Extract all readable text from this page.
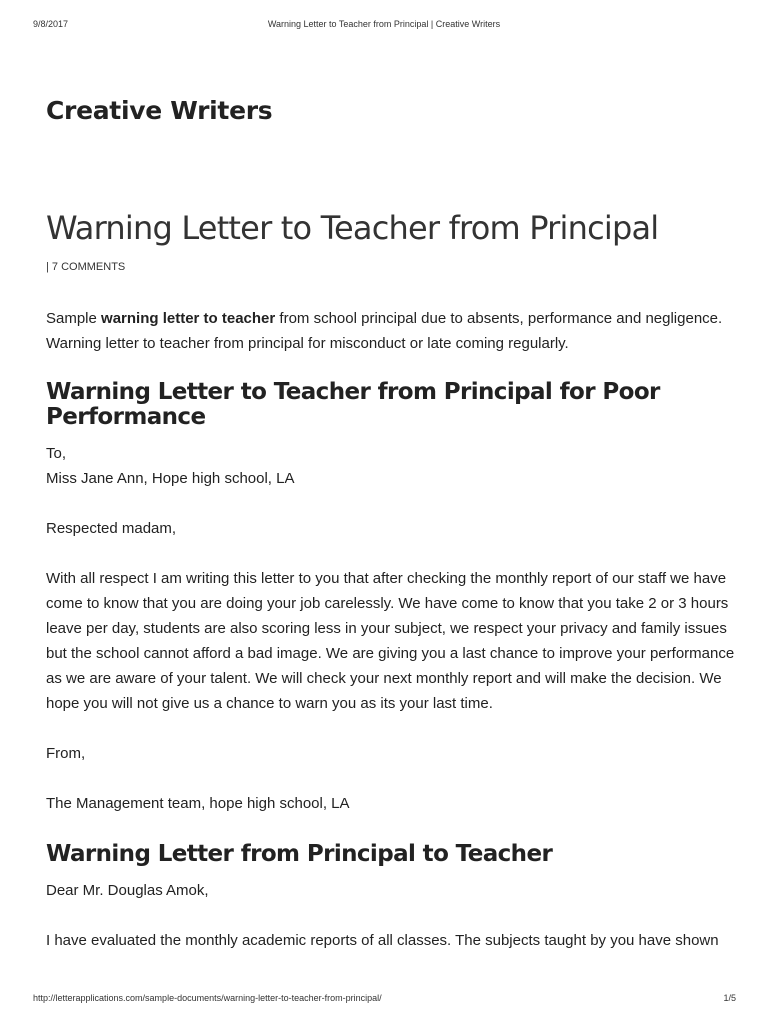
9/8/2017	Warning Letter to Teacher from Principal | Creative Writers
Creative Writers
Warning Letter to Teacher from Principal

| 7 COMMENTS

Sample warning letter to teacher from school principal due to absents, performance and negligence. Warning letter to teacher from principal for misconduct or late coming regularly.

Warning Letter to Teacher from Principal for Poor Performance

To,
Miss Jane Ann, Hope high school, LA

Respected madam,

With all respect I am writing this letter to you that after checking the monthly report of our staff we have come to know that you are doing your job carelessly. We have come to know that you take 2 or 3 hours leave per day, students are also scoring less in your subject, we respect your privacy and family issues but the school cannot afford a bad image. We are giving you a last chance to improve your performance as we are aware of your talent. We will check your next monthly report and will make the decision. We hope you will not give us a chance to warn you as its your last time.

From,

The Management team, hope high school, LA

Warning Letter from Principal to Teacher

Dear Mr. Douglas Amok,

I have evaluated the monthly academic reports of all classes. The subjects taught by you have shown

http://letterapplications.com/sample-documents/warning-letter-to-teacher-from-principal/	1/5
